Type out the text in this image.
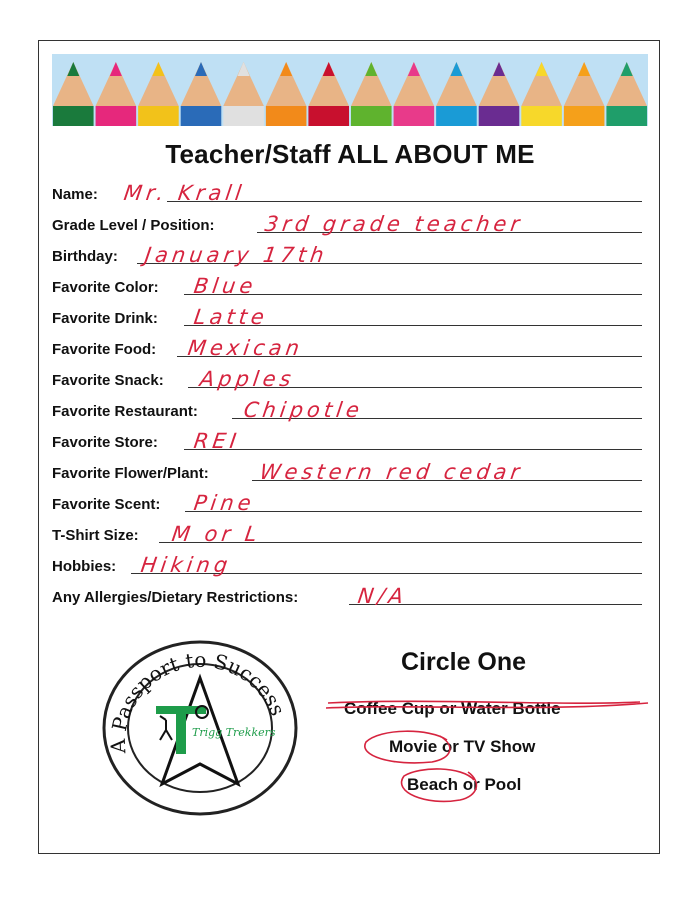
Teacher/Staff ALL ABOUT ME
Name: Mr. Krall
Grade Level / Position: 3rd grade teacher
Birthday: January 17th
Favorite Color: Blue
Favorite Drink: Latte
Favorite Food: Mexican
Favorite Snack: Apples
Favorite Restaurant: Chipotle
Favorite Store: REI
Favorite Flower/Plant: Western red cedar
Favorite Scent: Pine
T-Shirt Size: M or L
Hobbies: Hiking
Any Allergies/Dietary Restrictions:	N/A
A Passport to Success
Trigg Trekkers
Circle One
Coffee Cup or Water Bottle
Movie or TV Show
Beach or Pool
